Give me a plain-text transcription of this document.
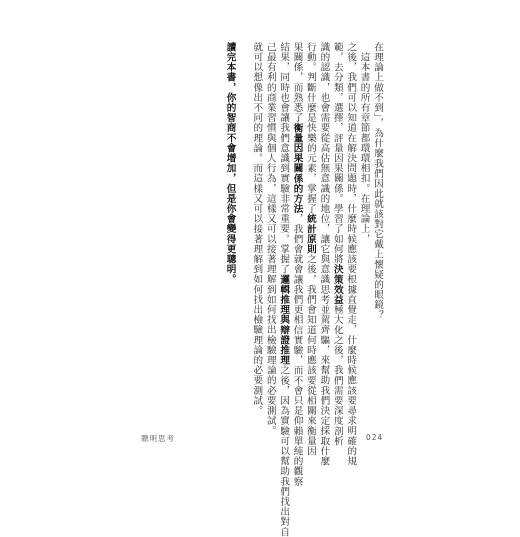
在理論上做不到」，為什麼我們因此就該對它戴上懷疑的眼鏡？
　這本書的所有章節都環環相扣。在理論上，
之後，我們可以知道在解決問題時，什麼時候應該要根據直覺走，什麼時候應該要尋求明確的規
範，去分類，選擇，評量因果關係。學習了如何將決策效益極大化之後，我們需要深度剖析
識的認識，也會需要從高估無意識的地位，讓它與意識思考並駕齊驅，來幫助我們決定採取什麼
行動。判斷什麼是快樂的元素，掌握了統計原則之後，我們會知道何時應該要從相關來衡量因
果關係，而熟悉了衡量因果關係的方法，我們會就會讓我們更相信實驗，而不會只是仰賴單純的觀察
結果，同時也會讓我們意識到實驗非常重要。掌握了邏輯推理與辯證推理之後，因為實驗可以幫助我們找出對自
己最有利的商業習慣與個人行為，這樣又可以接著理解到如何找出檢驗理論的必要測試。
就可以想像出不同的理論。而這樣又可以接著理解到如何找出檢驗理論的必要測試。
讀完本書，你的智商不會增加，但是你會變得更聰明。
聰明思考	024
